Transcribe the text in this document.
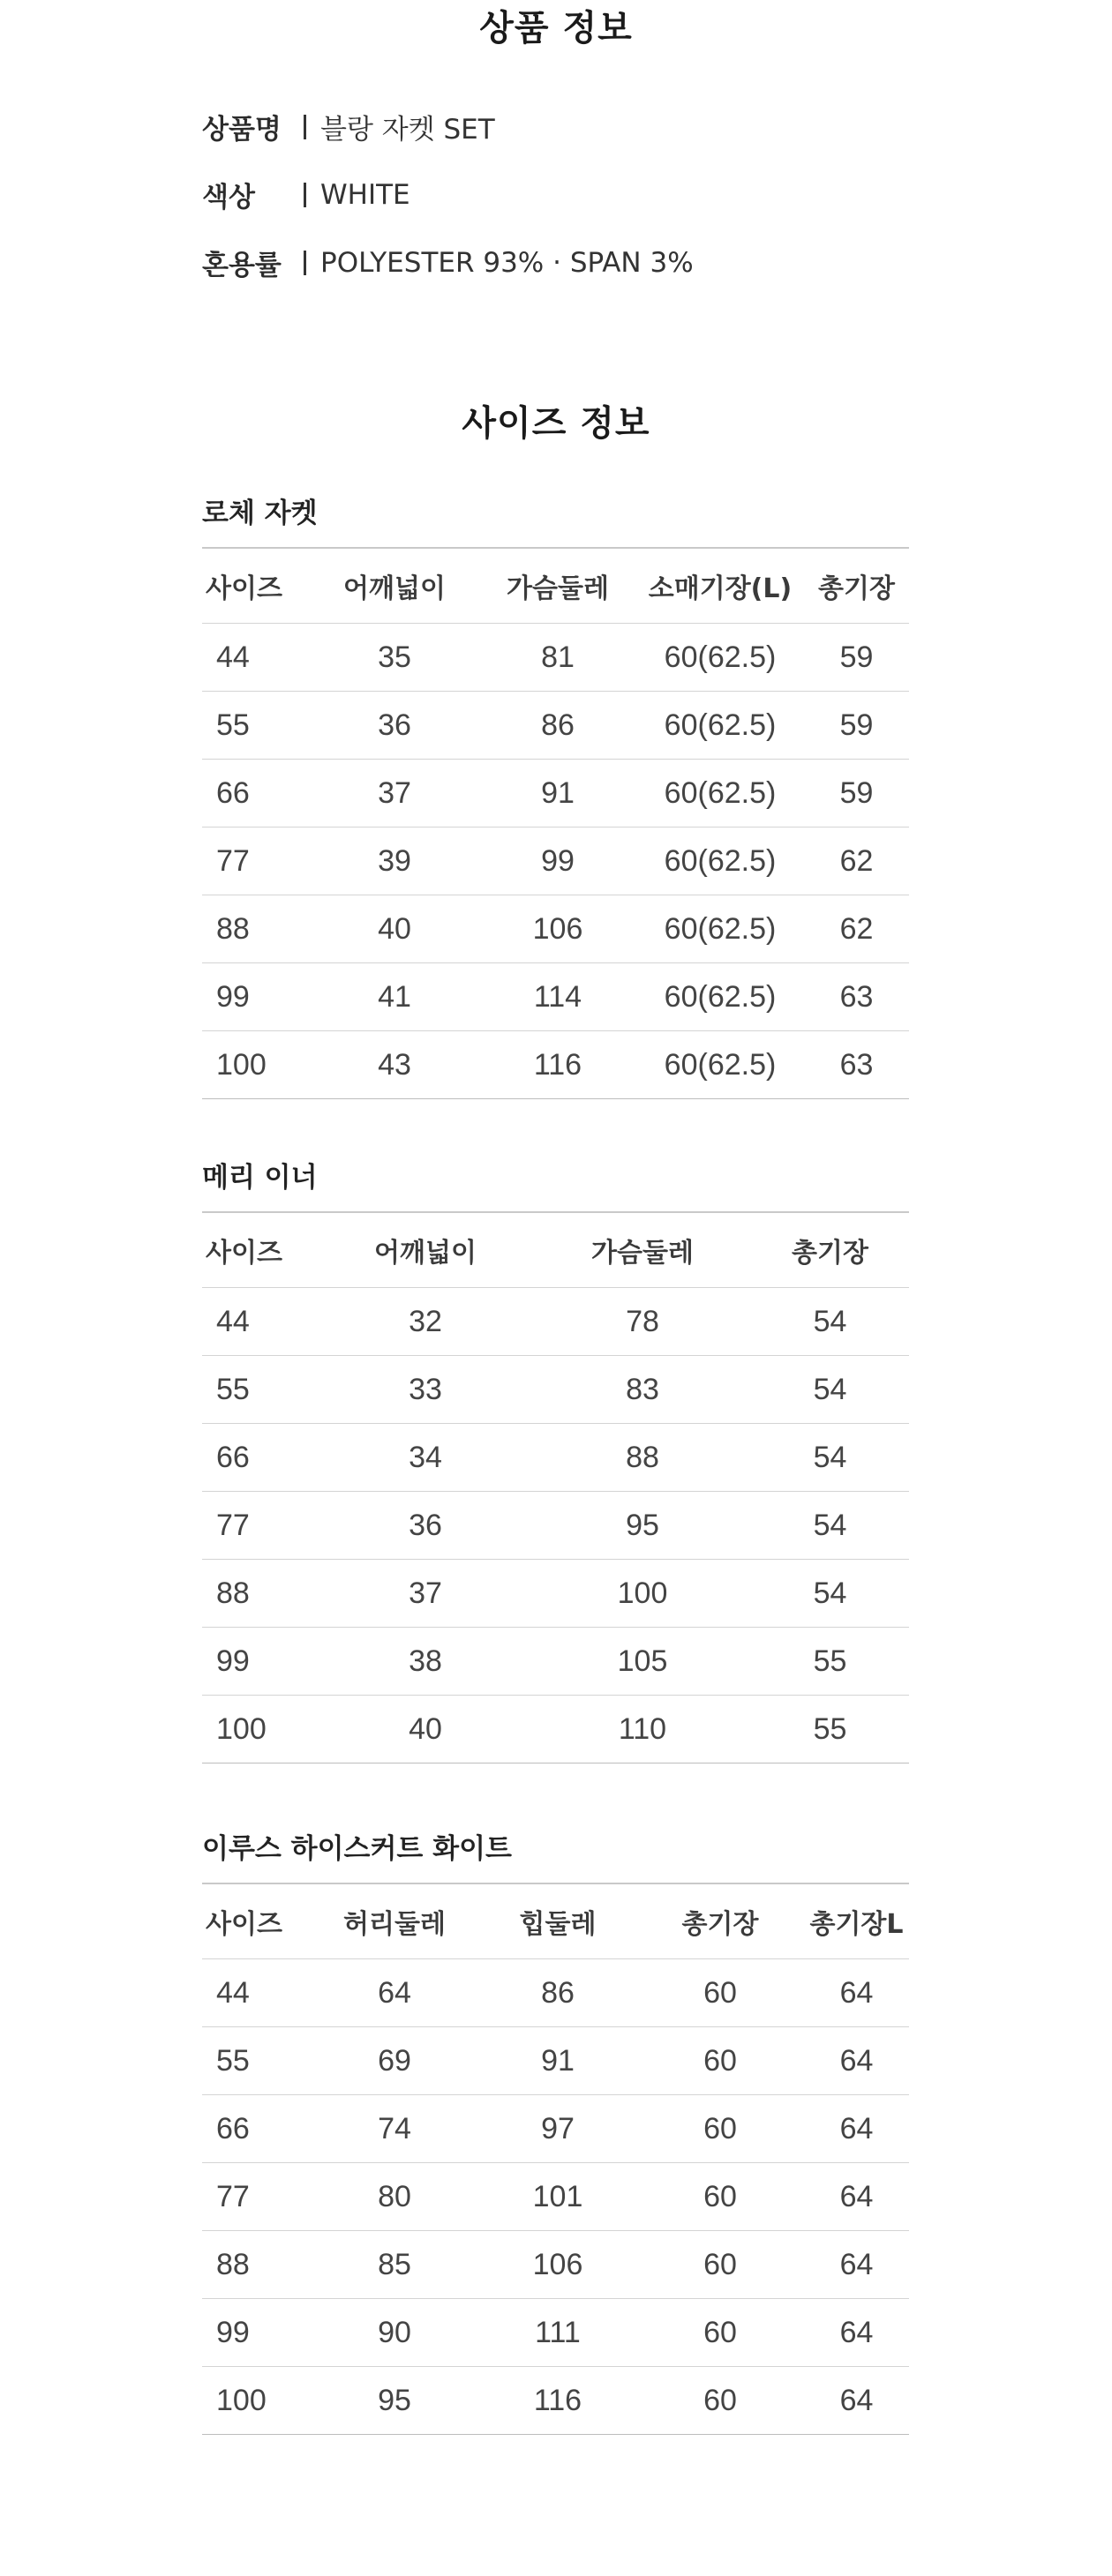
상품 정보
상품명	블랑 자켓 SET
색상	WHITE
혼용률	POLYESTER 93% · SPAN 3%
사이즈 정보
로체 자켓
사이즈	어깨넓이	가슴둘레	소매기장(L)	총기장
44	35	81	60(62.5)	59
55	36	86	60(62.5)	59
66	37	91	60(62.5)	59
77	39	99	60(62.5)	62
88	40	106	60(62.5)	62
99	41	114	60(62.5)	63
100	43	116	60(62.5)	63
메리 이너
사이즈	어깨넓이	가슴둘레	총기장
44	32	78	54
55	33	83	54
66	34	88	54
77	36	95	54
88	37	100	54
99	38	105	55
100	40	110	55
이루스 하이스커트 화이트
사이즈	허리둘레	힙둘레	총기장	총기장L
44	64	86	60	64
55	69	91	60	64
66	74	97	60	64
77	80	101	60	64
88	85	106	60	64
99	90	111	60	64
100	95	116	60	64
